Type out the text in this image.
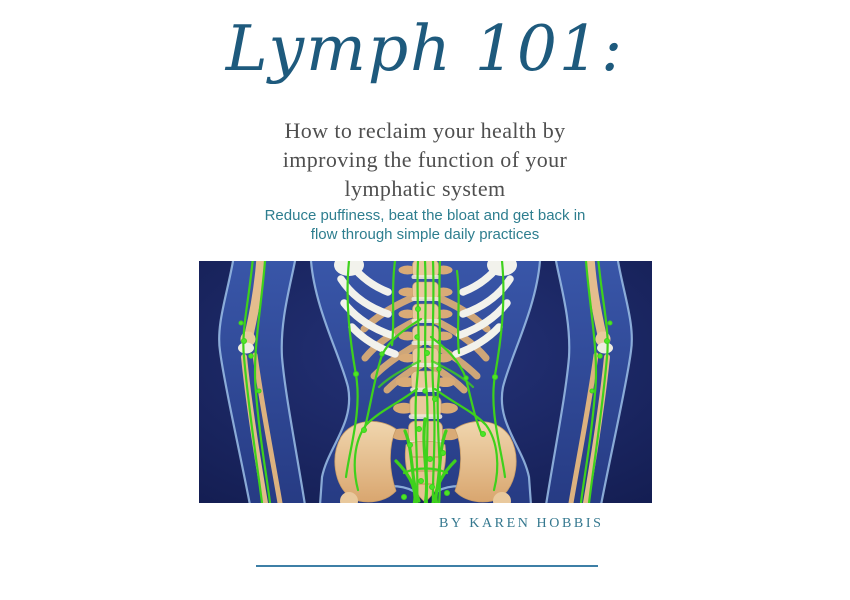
Lymph 101:
How to reclaim your health by
improving the function of your
lymphatic system

Reduce puffiness, beat the bloat and get back in
flow through simple daily practices

BY KAREN HOBBIS
